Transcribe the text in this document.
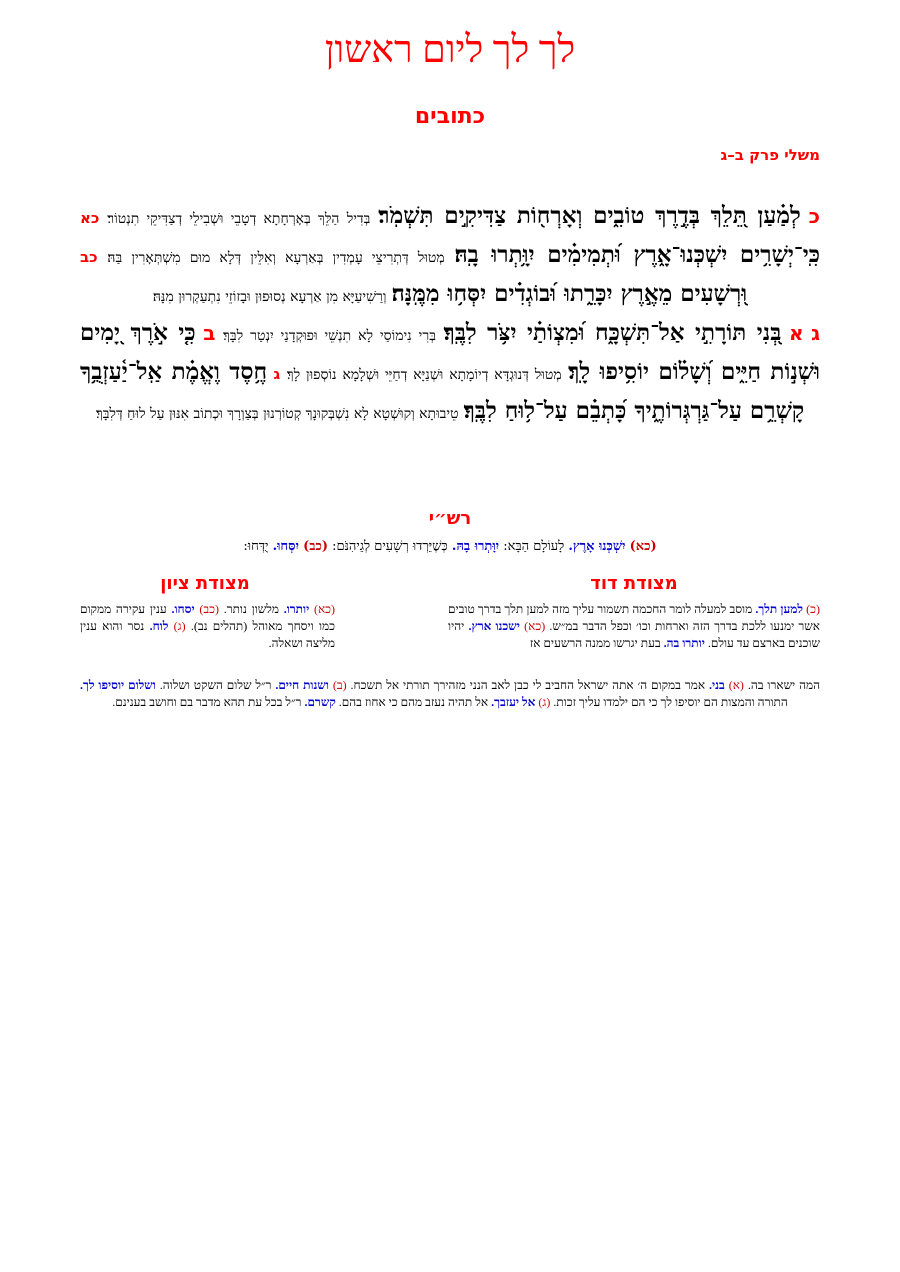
לך לך ליום ראשון
כתובים
משלי פרק ב–ג
כ לְמַ֗עַן תֵּ֭לֵךְ בְּדֶ֣רֶךְ טוֹבִ֑ים וְאָרְח֖וֹת צַדִּיקִ֣ים תִּשְׁמֹֽר׃ בְּדִיל הַלֵּךְ בְּאָרְחָתָא דְטָבֵי וּשְׁבִילֵי דְצַדִּיקֵי תִנְטוֹר׃ כא כִּֽי־יְשָׁרִ֥ים יִשְׁכְּנוּ־אָ֑רֶץ וּ֝תְמִימִ֗ים יִוָּ֥תְרוּ בָֽהּ׃ מְטוּל דְּתְרִיצֵי עָמְדִין בְּאַרְעָא וְאִלֵּין דְּלָא מוּם מִשְׁתְּאָרִין בַּהּ׃ כב וּ֭רְשָׁעִים מֵאֶ֣רֶץ יִכָּרֵ֑תוּ וּ֝בוֹגְדִ֗ים יִסְּח֥וּ מִמֶּֽנָּה׃ וְרַשִׁיעַיָּא מִן אַרְעָא נְסוּפוּן וּבָזוֹזֵי נִתְעַקְרוּן מִנָּהּ׃
ג א בְּ֭נִי תּוֹרָתִ֣י אַל־תִּשְׁכָּ֑ח וּ֝מִצְוֹתַ֗י יִצֹּ֥ר לִבֶּֽךָ׃ בְּרִי נִימוֹסַי לָא תִנְשֵׁי וּפוּקְדָנַי יִנְטַר לִבָּךְ׃ ב כִּ֤י אֹ֣רֶךְ יָ֭מִים וּשְׁנ֣וֹת חַיִּ֑ים וְ֝שָׁל֗וֹם יוֹסִ֥יפוּ לָֽךְ׃ מְטוּל דְּנוּגְדָּא דְיוֹמָתָא וּשְׁנַיָּא דְחַיֵּי וּשְׁלָמָא נוֹסְפוּן לָךְ׃ ג חֶ֥סֶד וֶאֱמֶ֗ת אַֽל־יַ֫עַזְבֻ֥ךָ קָשְׁרֵ֥ם עַל־גַּרְגְּרוֹתֶ֑יךָ כָּ֝תְבֵ֗ם עַל־ל֥וּחַ לִבֶּֽךָ׃ טֵיבוּתָא וְקוּשְׁטָא לָא נִשְׁבְּקוּנָךְ קְטוֹרְנוּן בְּצַוְרָךְ וּכְתוֹב אִנּוּן עַל לוּחַ דְּלִבָּךְ׃
רש״י
(כא) יִשְׁכְּנוּ אָרֶץ. לָעוֹלָם הַבָּא: יִוָּתְרוּ בָהּ. כְּשֶׁיֵּרְדוּ רְשָׁעִים לְגֵיהִנֹּם: (כב) יִסְּחוּ. יֻדְּחוּ:
מצודת דוד
מצודת ציון
(כ) למען תלך. מוסב למעלה לומר החכמה תשמור עליך מזה למען תלך בדרך טובים אשר ימנעו ללכת בדרך הזה וארחות וכו׳ וכפל הדבר במ״ש. (כא) ישכנו ארץ. יהיו שוכנים בארצם עד עולם. יותרו בה. בעת יגרשו ממנה הרשעים אז
(כא) יותרו. מלשון נותר. (כב) יסחו. ענין עקירה ממקום כמו ויסחך מאוהל (תהלים נב). (ג) לוח. נסר והוא ענין מליצה ושאלה.
המה ישארו בה. (א) בני. אמר במקום ה׳ אתה ישראל החביב לי כבן לאב הנני מזהירך תורתי אל תשכח. (ב) ושנות חיים. ר״ל שלום השקט ושלוה. ושלום יוסיפו לך. התורה והמצות הם יוסיפו לך כי הם ילמדו עליך זכות. (ג) אל יעזבך. אל תהיה נעזב מהם כי אחוז בהם. קשרם. ר״ל בכל עת תהא מדבר בם וחושב בענינם.
